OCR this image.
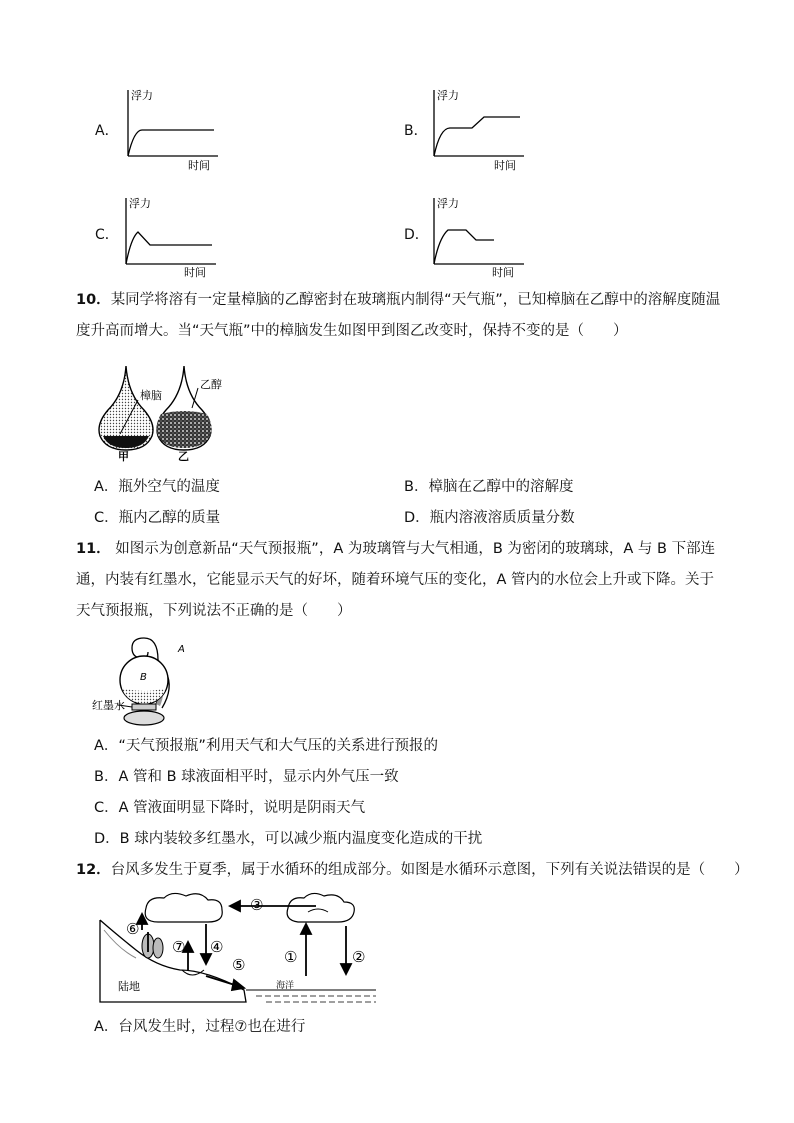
A．
浮力
时间
B．
浮力
时间
C．
浮力
时间
D．
浮力
时间
10．某同学将溶有一定量樟脑的乙醇密封在玻璃瓶内制得“天气瓶”，已知樟脑在乙醇中的溶解度随温
度升高而增大。当“天气瓶”中的樟脑发生如图甲到图乙改变时，保持不变的是（　　）
樟脑
乙醇
甲	乙
A．瓶外空气的温度	B．樟脑在乙醇中的溶解度
C．瓶内乙醇的质量	D．瓶内溶液溶质质量分数
11． 如图示为创意新品“天气预报瓶”，A 为玻璃管与大气相通，B 为密闭的玻璃球，A 与 B 下部连
通，内装有红墨水，它能显示天气的好坏，随着环境气压的变化，A 管内的水位会上升或下降。关于
天气预报瓶，下列说法不正确的是（　　）
A
B
红墨水
A．“天气预报瓶”利用天气和大气压的关系进行预报的
B．A 管和 B 球液面相平时，显示内外气压一致
C．A 管液面明显下降时，说明是阴雨天气
D．B 球内装较多红墨水，可以减少瓶内温度变化造成的干扰
12．台风多发生于夏季，属于水循环的组成部分。如图是水循环示意图，下列有关说法错误的是（　　）
③
④
①	②
⑥
⑦
⑤
陆地	海洋
A．台风发生时，过程⑦也在进行
